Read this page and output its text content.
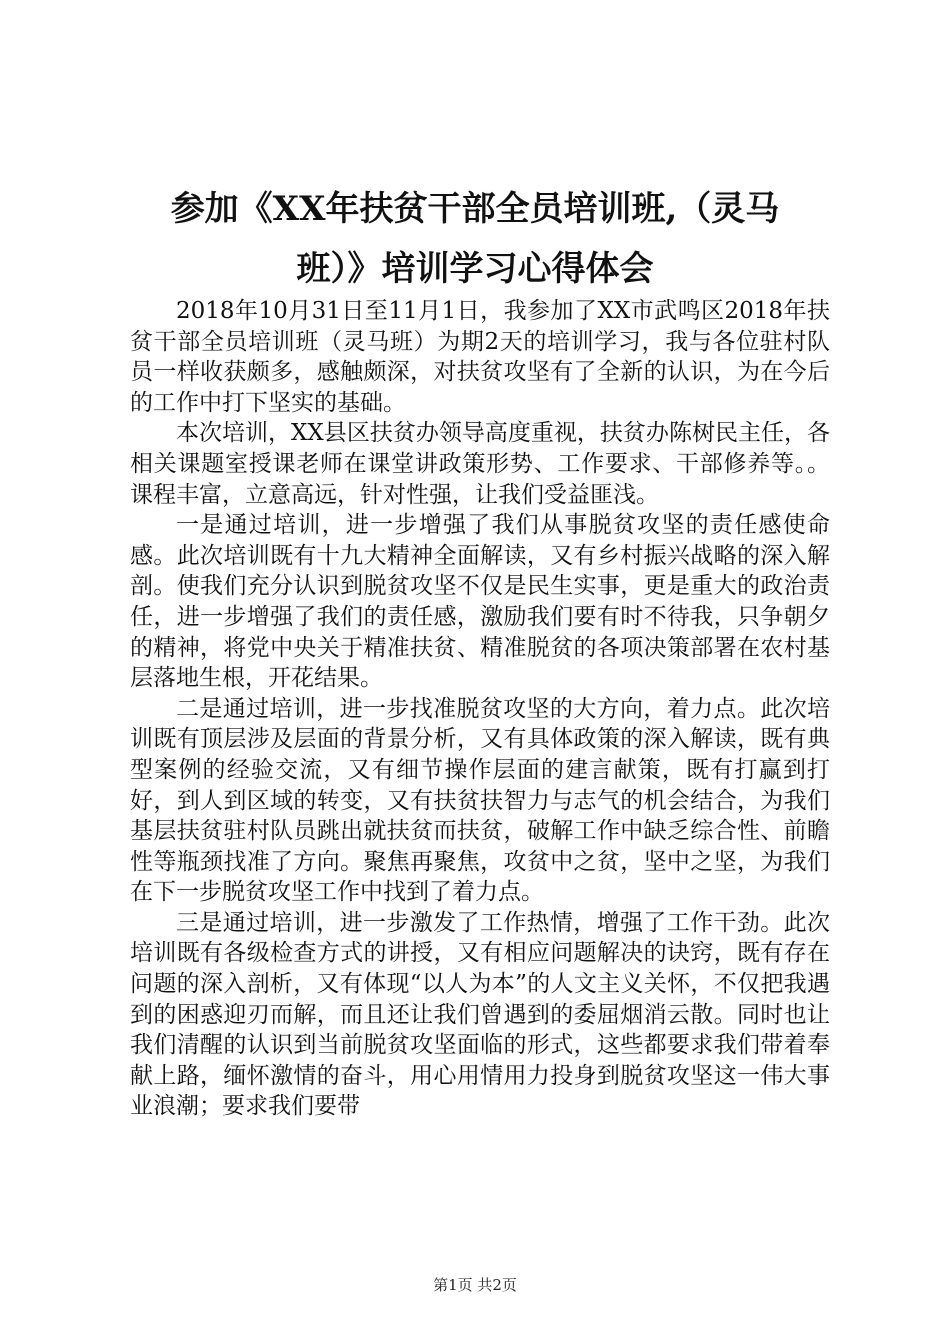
参加《XX年扶贫干部全员培训班,（灵马
班）》培训学习心得体会

2018年10月31日至11月1日，我参加了XX市武鸣区2018年扶贫干部全员培训班（灵马班）为期2天的培训学习，我与各位驻村队员一样收获颇多，感触颇深，对扶贫攻坚有了全新的认识，为在今后的工作中打下坚实的基础。

本次培训，XX县区扶贫办领导高度重视，扶贫办陈树民主任，各相关课题室授课老师在课堂讲政策形势、工作要求、干部修养等。。课程丰富，立意高远，针对性强，让我们受益匪浅。

一是通过培训，进一步增强了我们从事脱贫攻坚的责任感使命感。此次培训既有十九大精神全面解读，又有乡村振兴战略的深入解剖。使我们充分认识到脱贫攻坚不仅是民生实事，更是重大的政治责任，进一步增强了我们的责任感，激励我们要有时不待我，只争朝夕的精神，将党中央关于精准扶贫、精准脱贫的各项决策部署在农村基层落地生根，开花结果。

二是通过培训，进一步找准脱贫攻坚的大方向，着力点。此次培训既有顶层涉及层面的背景分析，又有具体政策的深入解读，既有典型案例的经验交流，又有细节操作层面的建言献策，既有打赢到打好，到人到区域的转变，又有扶贫扶智力与志气的机会结合，为我们基层扶贫驻村队员跳出就扶贫而扶贫，破解工作中缺乏综合性、前瞻性等瓶颈找准了方向。聚焦再聚焦，攻贫中之贫，坚中之坚，为我们在下一步脱贫攻坚工作中找到了着力点。

三是通过培训，进一步激发了工作热情，增强了工作干劲。此次培训既有各级检查方式的讲授，又有相应问题解决的诀窍，既有存在问题的深入剖析，又有体现“以人为本”的人文主义关怀，不仅把我遇到的困惑迎刃而解，而且还让我们曾遇到的委屈烟消云散。同时也让我们清醒的认识到当前脱贫攻坚面临的形式，这些都要求我们带着奉献上路，缅怀激情的奋斗，用心用情用力投身到脱贫攻坚这一伟大事业浪潮；要求我们要带

第1页 共2页
